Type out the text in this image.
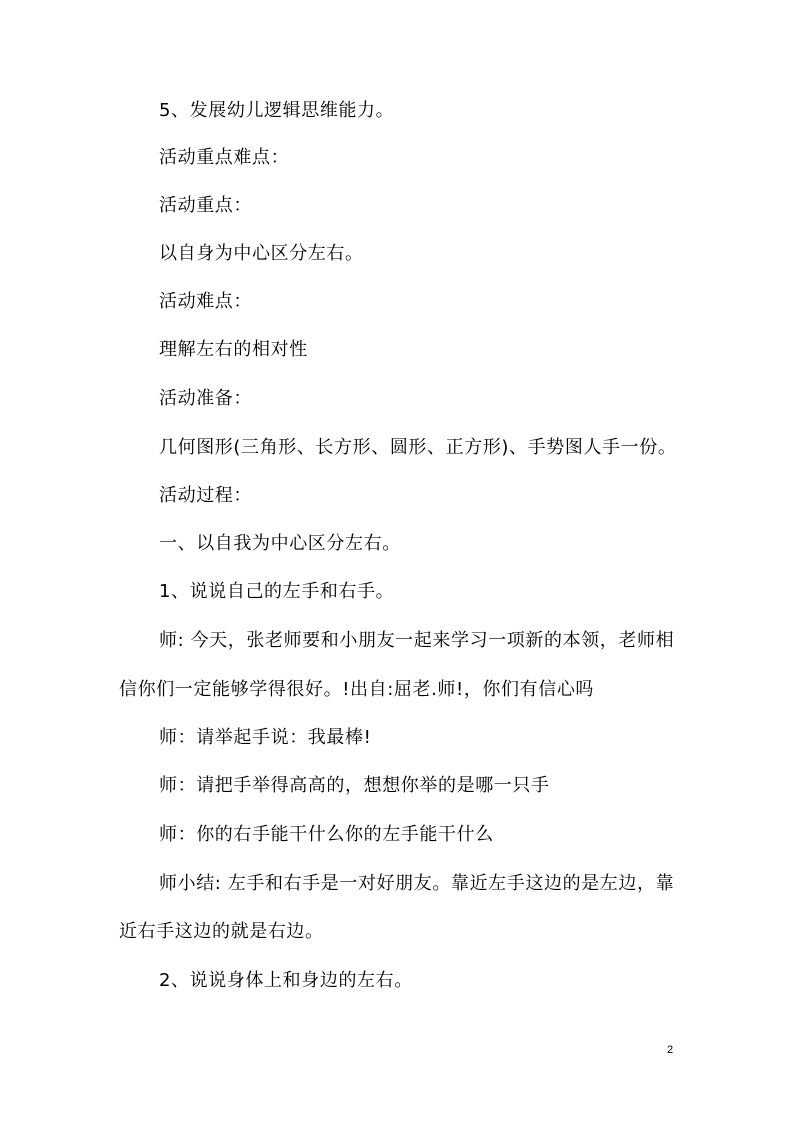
5、发展幼儿逻辑思维能力。
活动重点难点：
活动重点：
以自身为中心区分左右。
活动难点：
理解左右的相对性
活动准备：
几何图形(三角形、长方形、圆形、正方形)、手势图人手一份。
活动过程：
一、以自我为中心区分左右。
1、说说自己的左手和右手。
师: 今天，张老师要和小朋友一起来学习一项新的本领，老师相
信你们一定能够学得很好。!出自:屈老.师!，你们有信心吗
师：请举起手说：我最棒!
师：请把手举得高高的，想想你举的是哪一只手
师：你的右手能干什么你的左手能干什么
师小结: 左手和右手是一对好朋友。靠近左手这边的是左边，靠
近右手这边的就是右边。
2、说说身体上和身边的左右。
2
